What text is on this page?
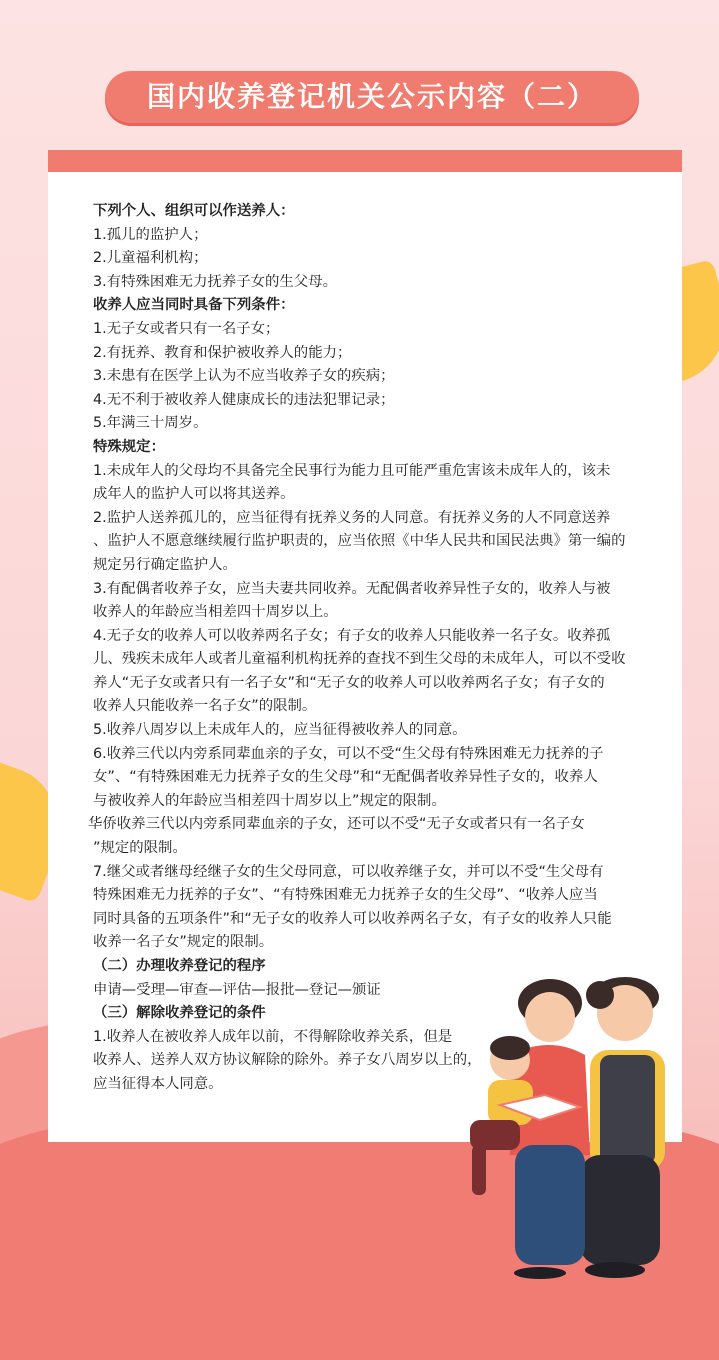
国内收养登记机关公示内容（二）

下列个人、组织可以作送养人：

1.孤儿的监护人；

2.儿童福利机构；

3.有特殊困难无力抚养子女的生父母。

收养人应当同时具备下列条件：

1.无子女或者只有一名子女；

2.有抚养、教育和保护被收养人的能力；

3.未患有在医学上认为不应当收养子女的疾病；

4.无不利于被收养人健康成长的违法犯罪记录；

5.年满三十周岁。

特殊规定：

1.未成年人的父母均不具备完全民事行为能力且可能严重危害该未成年人的，该未

成年人的监护人可以将其送养。

2.监护人送养孤儿的，应当征得有抚养义务的人同意。有抚养义务的人不同意送养

、监护人不愿意继续履行监护职责的，应当依照《中华人民共和国民法典》第一编的

规定另行确定监护人。

3.有配偶者收养子女，应当夫妻共同收养。无配偶者收养异性子女的，收养人与被

收养人的年龄应当相差四十周岁以上。

4.无子女的收养人可以收养两名子女；有子女的收养人只能收养一名子女。收养孤

儿、残疾未成年人或者儿童福利机构抚养的查找不到生父母的未成年人，可以不受收

养人“无子女或者只有一名子女”和“无子女的收养人可以收养两名子女；有子女的

收养人只能收养一名子女”的限制。

5.收养八周岁以上未成年人的，应当征得被收养人的同意。

6.收养三代以内旁系同辈血亲的子女，可以不受“生父母有特殊困难无力抚养的子

女”、“有特殊困难无力抚养子女的生父母”和“无配偶者收养异性子女的，收养人

与被收养人的年龄应当相差四十周岁以上”规定的限制。

华侨收养三代以内旁系同辈血亲的子女，还可以不受“无子女或者只有一名子女

”规定的限制。

7.继父或者继母经继子女的生父母同意，可以收养继子女，并可以不受“生父母有

特殊困难无力抚养的子女”、“有特殊困难无力抚养子女的生父母”、“收养人应当

同时具备的五项条件”和“无子女的收养人可以收养两名子女，有子女的收养人只能

收养一名子女”规定的限制。

（二）办理收养登记的程序

申请—受理—审查—评估—报批—登记—颁证

（三）解除收养登记的条件

1.收养人在被收养人成年以前，不得解除收养关系，但是

收养人、送养人双方协议解除的除外。养子女八周岁以上的，

应当征得本人同意。
